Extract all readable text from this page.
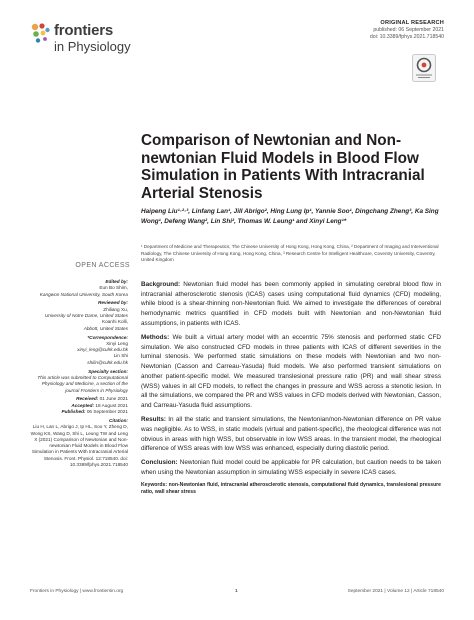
frontiers
in Physiology
ORIGINAL RESEARCH
published: 06 September 2021
doi: 10.3389/fphys.2021.718540
Comparison of Newtonian and Non-newtonian Fluid Models in Blood Flow Simulation in Patients With Intracranial Arterial Stenosis
Haipeng Liu¹·²·³, Linfang Lan¹, Jill Abrigo², Hing Lung Ip¹, Yannie Soo¹, Dingchang Zheng³, Ka Sing Wong¹, Defeng Wang², Lin Shi², Thomas W. Leung¹ and Xinyi Leng¹*
¹ Department of Medicine and Therapeutics, The Chinese University of Hong Kong, Hong Kong, China, ² Department of Imaging and Interventional Radiology, The Chinese University of Hong Kong, Hong Kong, China, ³ Research Centre for Intelligent Healthcare, Coventry University, Coventry, United Kingdom
OPEN ACCESS
Edited by:
Eun Bo Shim,
Kangwon National University, South Korea
Reviewed by:
Zhiliang Xu,
University of Notre Dame, United States
Koanhi Kolli,
Abbott, United States
*Correspondence:
Xinyi Leng
xinyi_leng@cuhk.edu.hk
Lin Shi
shilin@cuhk.edu.hk
Specialty section:
This article was submitted to Computational Physiology and Medicine, a section of the journal Frontiers in Physiology
Received: 01 June 2021
Accepted: 18 August 2021
Published: 06 September 2021
Citation:
Liu H, Lan L, Abrigo J, Ip HL, Soo Y, Zheng D, Wong KS, Wang D, Shi L, Leung TW and Leng X (2021) Comparison of Newtonian and Non-newtonian Fluid Models in Blood Flow Simulation in Patients With Intracranial Arterial Stenosis. Front. Physiol. 12:718540. doi: 10.3389/fphys.2021.718540

Background: Newtonian fluid model has been commonly applied in simulating cerebral blood flow in intracranial atherosclerotic stenosis (ICAS) cases using computational fluid dynamics (CFD) modeling, while blood is a shear-thinning non-Newtonian fluid. We aimed to investigate the differences of cerebral hemodynamic metrics quantified in CFD models built with Newtonian and non-Newtonian fluid assumptions, in patients with ICAS.

Methods: We built a virtual artery model with an eccentric 75% stenosis and performed static CFD simulation. We also constructed CFD models in three patients with ICAS of different severities in the luminal stenosis. We performed static simulations on these models with Newtonian and two non-Newtonian (Casson and Carreau-Yasuda) fluid models. We also performed transient simulations on another patient-specific model. We measured translesional pressure ratio (PR) and wall shear stress (WSS) values in all CFD models, to reflect the changes in pressure and WSS across a stenotic lesion. In all the simulations, we compared the PR and WSS values in CFD models derived with Newtonian, Casson, and Carreau-Yasuda fluid assumptions.

Results: In all the static and transient simulations, the Newtonian/non-Newtonian difference on PR value was negligible. As to WSS, in static models (virtual and patient-specific), the rheological difference was not obvious in areas with high WSS, but observable in low WSS areas. In the transient model, the rheological difference of WSS areas with low WSS was enhanced, especially during diastolic period.

Conclusion: Newtonian fluid model could be applicable for PR calculation, but caution needs to be taken when using the Newtonian assumption in simulating WSS especially in severe ICAS cases.

Keywords: non-Newtonian fluid, intracranial atherosclerotic stenosis, computational fluid dynamics, translesional pressure ratio, wall shear stress

Frontiers in Physiology | www.frontiersin.org	1	September 2021 | Volume 12 | Article 718540
